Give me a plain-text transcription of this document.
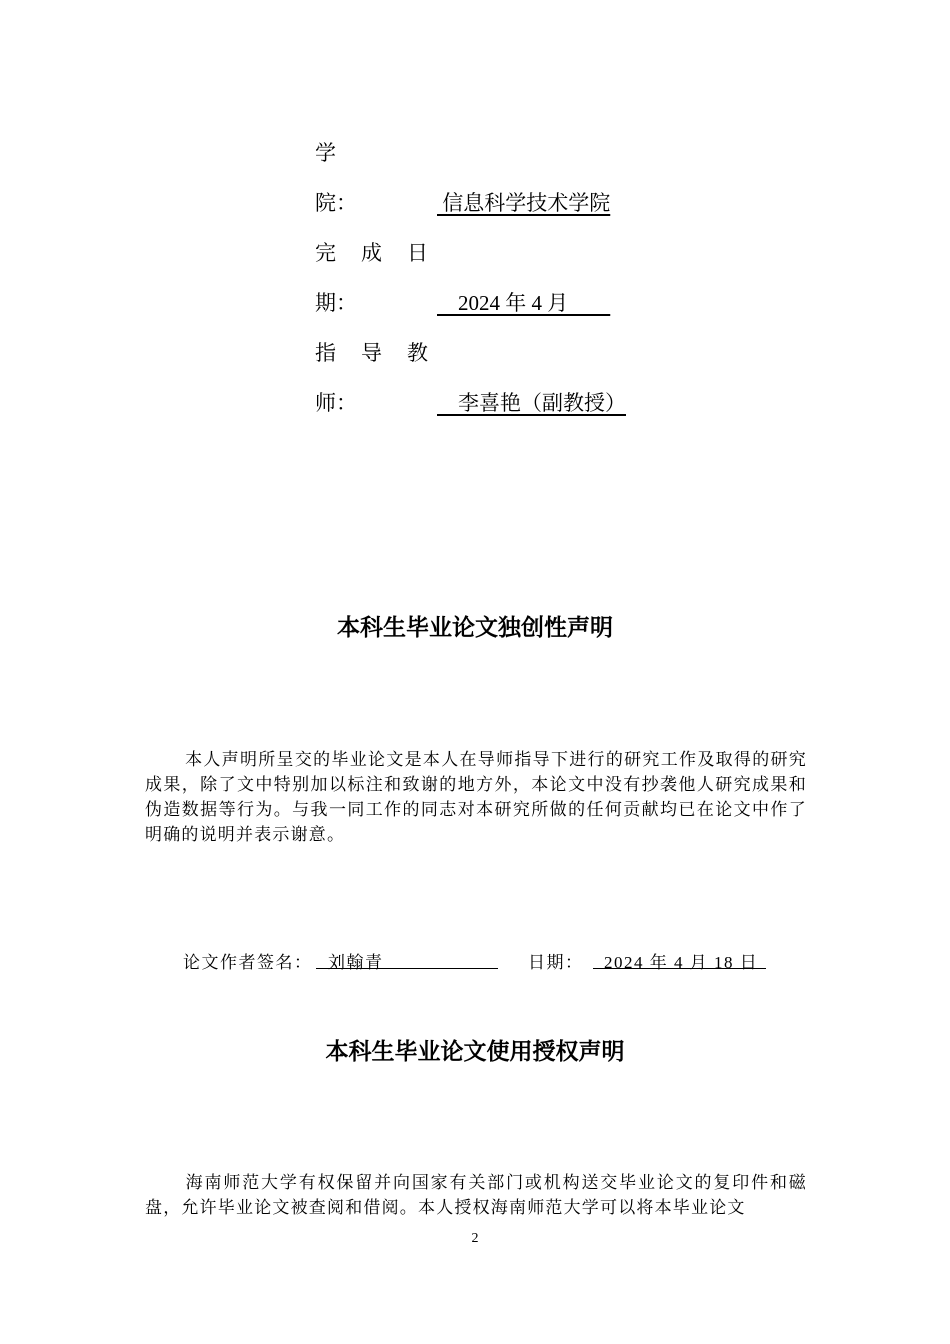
学
院：	信息科学技术学院
完　成　日
期：	　2024 年 4 月　　
指　导　教
师：	　李喜艳（副教授）
本科生毕业论文独创性声明
本人声明所呈交的毕业论文是本人在导师指导下进行的研究工作及取得的研究成果，除了文中特别加以标注和致谢的地方外，本论文中没有抄袭他人研究成果和伪造数据等行为。与我一同工作的同志对本研究所做的任何贡献均已在论文中作了明确的说明并表示谢意。
论文作者签名： 刘翰青	日期： 2024 年 4 月 18 日
本科生毕业论文使用授权声明
海南师范大学有权保留并向国家有关部门或机构送交毕业论文的复印件和磁盘，允许毕业论文被查阅和借阅。本人授权海南师范大学可以将本毕业论文
2
